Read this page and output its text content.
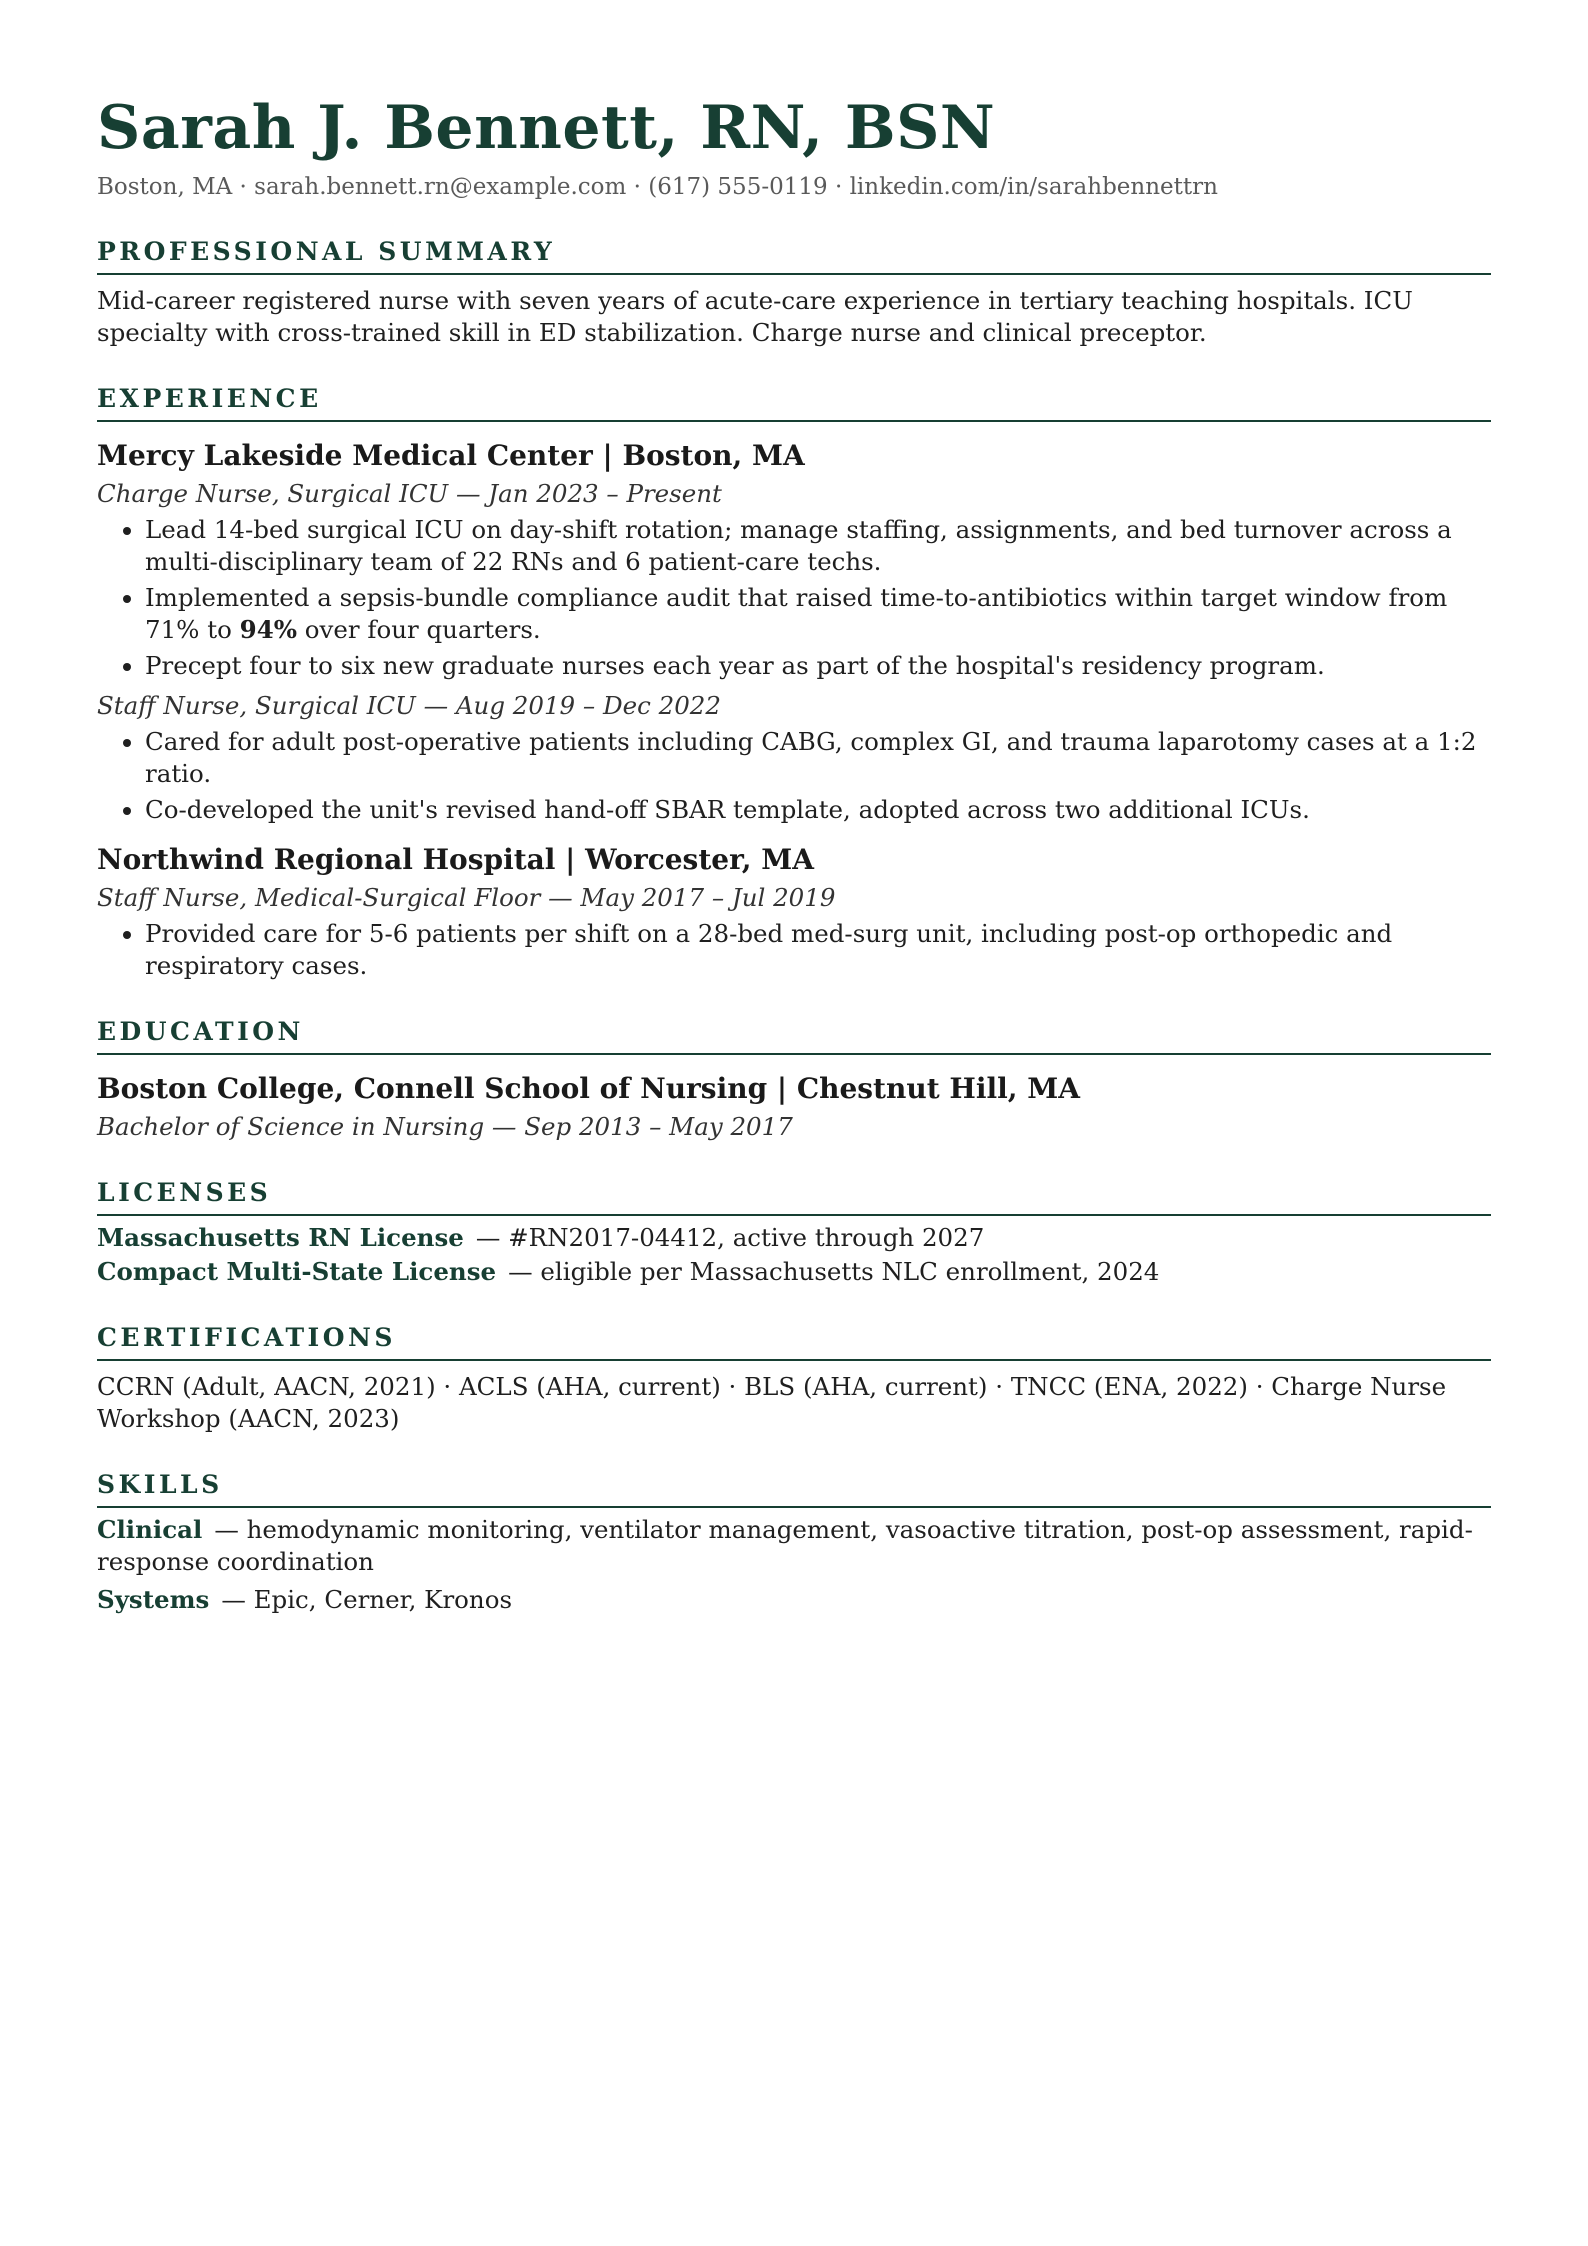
Sarah J. Bennett, RN, BSN
Boston, MA · sarah.bennett.rn@example.com · (617) 555-0119 · linkedin.com/in/sarahbennettrn
PROFESSIONAL SUMMARY
Mid-career registered nurse with seven years of acute-care experience in tertiary teaching hospitals. ICU specialty with cross-trained skill in ED stabilization. Charge nurse and clinical preceptor.
EXPERIENCE
Mercy Lakeside Medical Center | Boston, MA
Charge Nurse, Surgical ICU — Jan 2023 – Present
• Lead 14-bed surgical ICU on day-shift rotation; manage staffing, assignments, and bed turnover across a multi-disciplinary team of 22 RNs and 6 patient-care techs.
• Implemented a sepsis-bundle compliance audit that raised time-to-antibiotics within target window from 71% to 94% over four quarters.
• Precept four to six new graduate nurses each year as part of the hospital's residency program.
Staff Nurse, Surgical ICU — Aug 2019 – Dec 2022
• Cared for adult post-operative patients including CABG, complex GI, and trauma laparotomy cases at a 1:2 ratio.
• Co-developed the unit's revised hand-off SBAR template, adopted across two additional ICUs.
Northwind Regional Hospital | Worcester, MA
Staff Nurse, Medical-Surgical Floor — May 2017 – Jul 2019
• Provided care for 5-6 patients per shift on a 28-bed med-surg unit, including post-op orthopedic and respiratory cases.
EDUCATION
Boston College, Connell School of Nursing | Chestnut Hill, MA
Bachelor of Science in Nursing — Sep 2013 – May 2017
LICENSES
Massachusetts RN License — #RN2017-04412, active through 2027
Compact Multi-State License — eligible per Massachusetts NLC enrollment, 2024
CERTIFICATIONS
CCRN (Adult, AACN, 2021) · ACLS (AHA, current) · BLS (AHA, current) · TNCC (ENA, 2022) · Charge Nurse Workshop (AACN, 2023)
SKILLS
Clinical — hemodynamic monitoring, ventilator management, vasoactive titration, post-op assessment, rapid-response coordination
Systems — Epic, Cerner, Kronos
